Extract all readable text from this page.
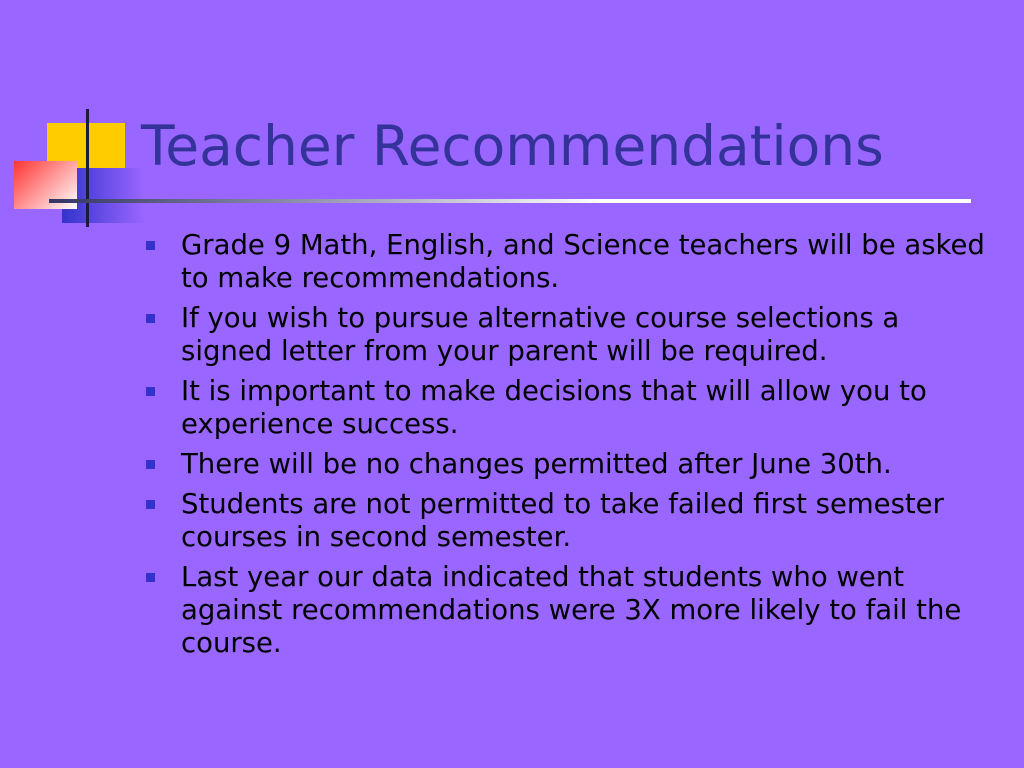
Teacher Recommendations
Grade 9 Math, English, and Science teachers will be asked to make recommendations.
If you wish to pursue alternative course selections a signed letter from your parent will be required.
It is important to make decisions that will allow you to experience success.
There will be no changes permitted after June 30th.
Students are not permitted to take failed first semester courses in second semester.
Last year our data indicated that students who went against recommendations were 3X more likely to fail the course.
